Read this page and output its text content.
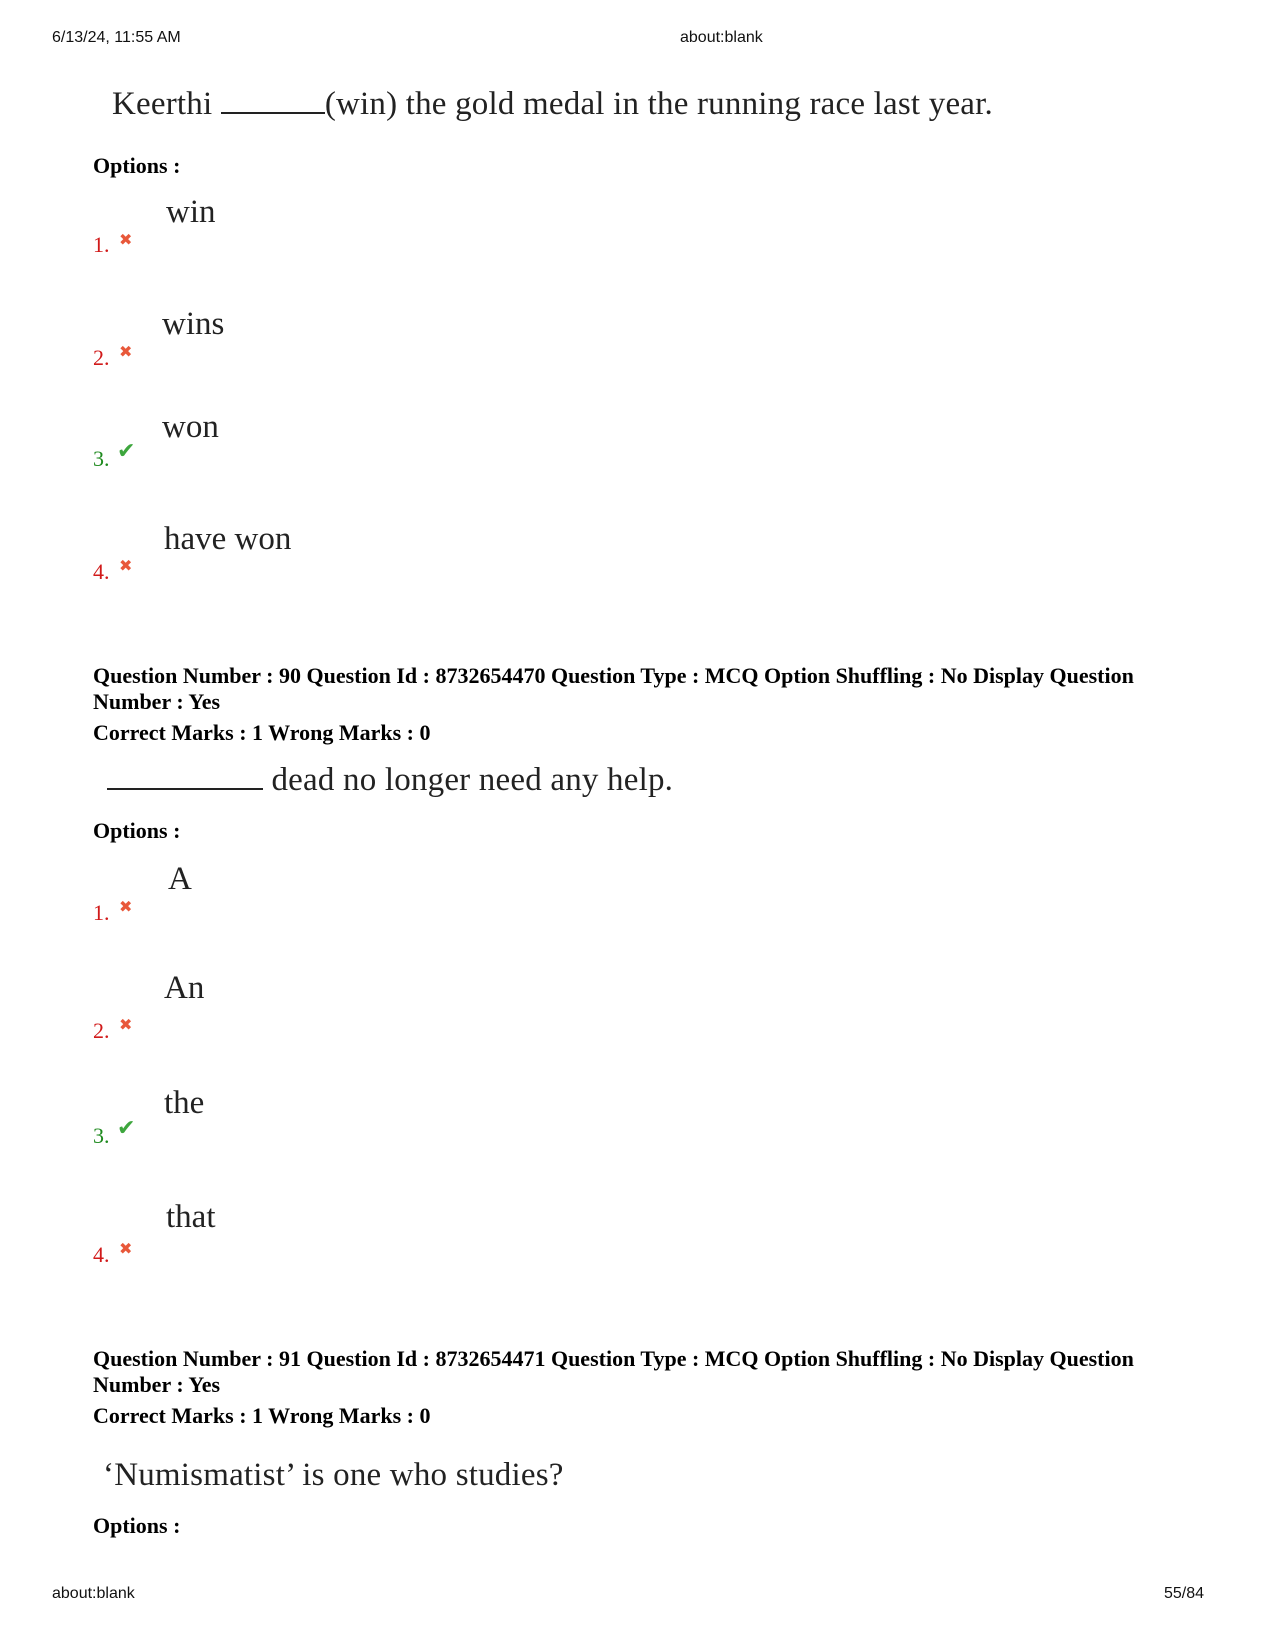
6/13/24, 11:55 AM	about:blank
Keerthi	(win) the gold medal in the running race last year.
Options :
win
1. ✖
wins
2. ✖
won
3. ✔
have won
4. ✖
Question Number : 90 Question Id : 8732654470 Question Type : MCQ Option Shuffling : No Display Question Number : Yes
Correct Marks : 1 Wrong Marks : 0
dead no longer need any help.
Options :
A
1. ✖
An
2. ✖
the
3. ✔
that
4. ✖
Question Number : 91 Question Id : 8732654471 Question Type : MCQ Option Shuffling : No Display Question Number : Yes
Correct Marks : 1 Wrong Marks : 0
‘Numismatist’ is one who studies?
Options :
about:blank	55/84
